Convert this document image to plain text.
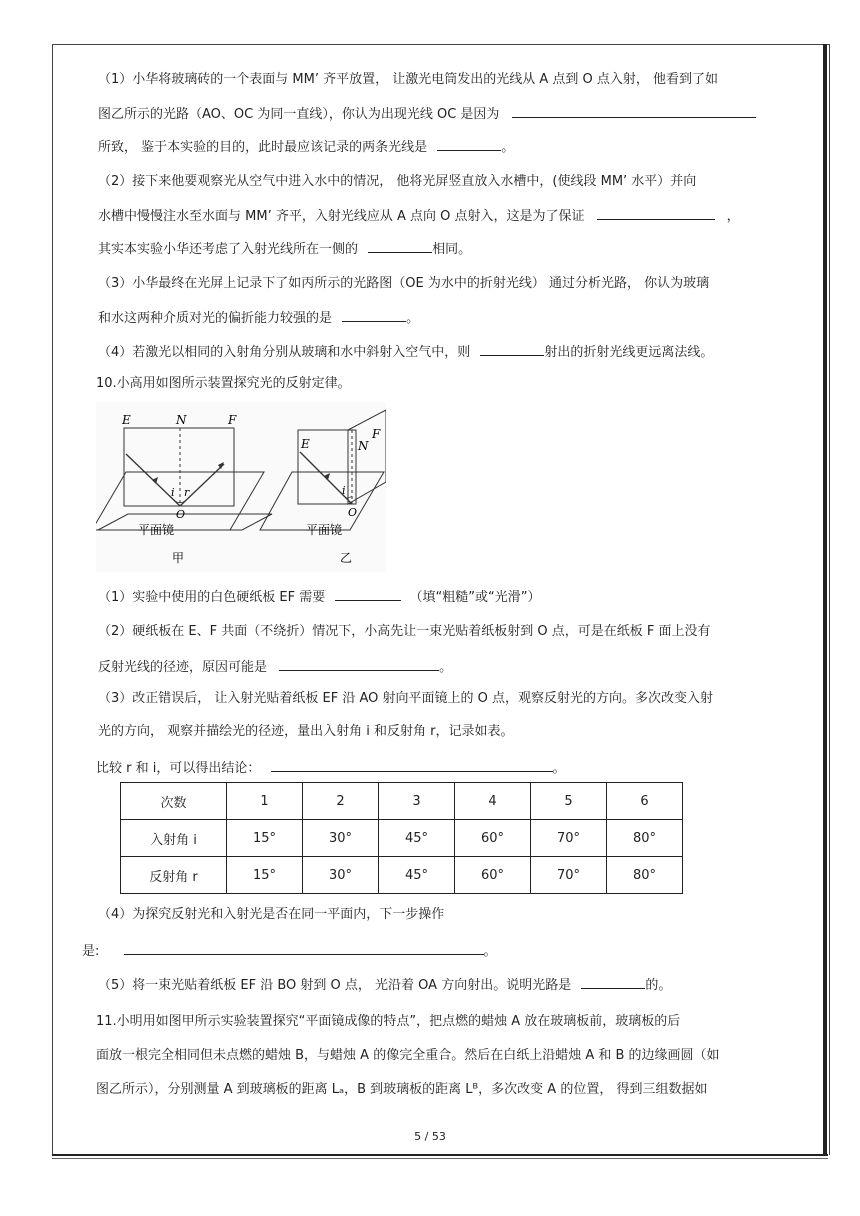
（1）小华将玻璃砖的一个表面与 MM’ 齐平放置， 让激光电筒发出的光线从 A 点到 O 点入射， 他看到了如
图乙所示的光路（AO、OC 为同一直线），你认为出现光线 OC 是因为
所致， 鉴于本实验的目的，此时最应该记录的两条光线是	。
（2）接下来他要观察光从空气中进入水中的情况， 他将光屏竖直放入水槽中，(使线段 MM’ 水平）并向
水槽中慢慢注水至水面与 MM’ 齐平，入射光线应从 A 点向 O 点射入，这是为了保证	，
其实本实验小华还考虑了入射光线所在一侧的	相同。
（3）小华最终在光屏上记录下了如丙所示的光路图（OE 为水中的折射光线） 通过分析光路， 你认为玻璃
和水这两种介质对光的偏折能力较强的是	。
（4）若激光以相同的入射角分别从玻璃和水中斜射入空气中，则	射出的折射光线更远离法线。
10.小高用如图所示装置探究光的反射定律。
E	N	F
i r
O
平面镜
甲
E	N
F
i
O
平面镜
乙
（1）实验中使用的白色硬纸板 EF 需要	（填“粗糙”或“光滑”）
（2）硬纸板在 E、F 共面（不绕折）情况下，小高先让一束光贴着纸板射到 O 点，可是在纸板 F 面上没有
反射光线的径迹，原因可能是	。
（3）改正错误后， 让入射光贴着纸板 EF 沿 AO 射向平面镜上的 O 点，观察反射光的方向。多次改变入射
光的方向， 观察并描绘光的径迹，量出入射角 i 和反射角 r，记录如表。
比较 r 和 i，可以得出结论：	。
次数	1	2	3	4	5	6
入射角 i	15°	30°	45°	60°	70°	80°
反射角 r	15°	30°	45°	60°	70°	80°
（4）为探究反射光和入射光是否在同一平面内，下一步操作
是:	。
（5）将一束光贴着纸板 EF 沿 BO 射到 O 点， 光沿着 OA 方向射出。说明光路是	的。
11.小明用如图甲所示实验装置探究“平面镜成像的特点”，把点燃的蜡烛 A 放在玻璃板前，玻璃板的后
面放一根完全相同但未点燃的蜡烛 B，与蜡烛 A 的像完全重合。然后在白纸上沿蜡烛 A 和 B 的边缘画圆（如
图乙所示），分别测量 A 到玻璃板的距离 Lₐ，B 到玻璃板的距离 Lᴮ，多次改变 A 的位置， 得到三组数据如
5 / 53
